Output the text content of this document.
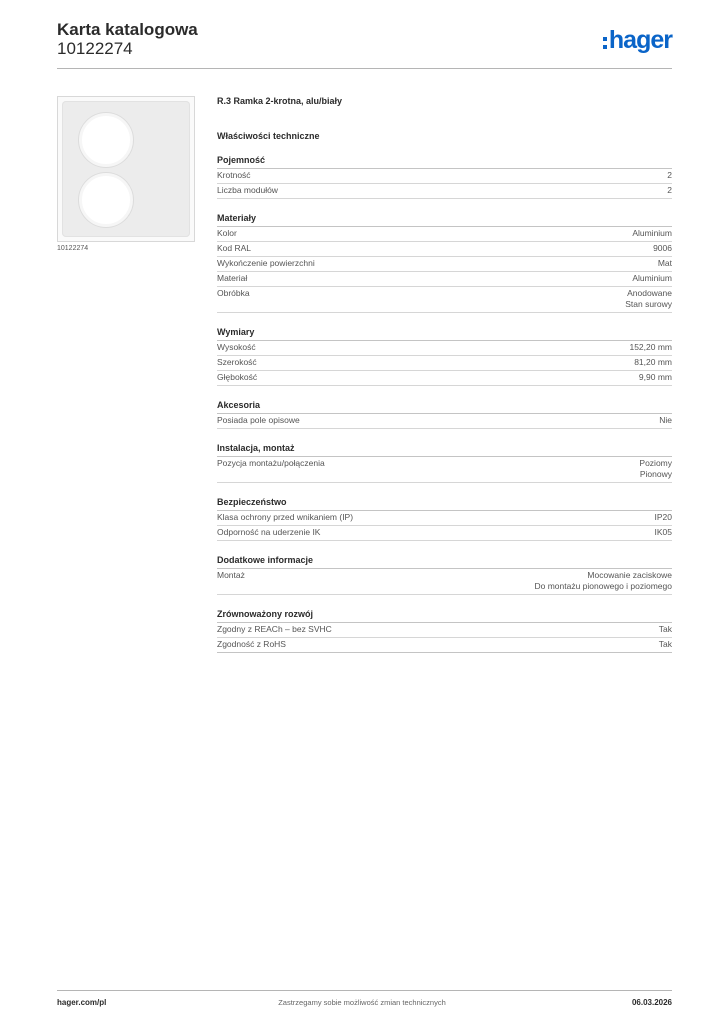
Karta katalogowa
10122274	hager
10122274
R.3 Ramka 2-krotna, alu/biały
Właściwości techniczne
Pojemność
Krotność	2
Liczba modułów	2
Materiały
Kolor	Aluminium
Kod RAL	9006
Wykończenie powierzchni	Mat
Materiał	Aluminium
Obróbka	Anodowane
Stan surowy
Wymiary
Wysokość	152,20 mm
Szerokość	81,20 mm
Głębokość	9,90 mm
Akcesoria
Posiada pole opisowe	Nie
Instalacja, montaż
Pozycja montażu/połączenia	Poziomy
Pionowy
Bezpieczeństwo
Klasa ochrony przed wnikaniem (IP)	IP20
Odporność na uderzenie IK	IK05
Dodatkowe informacje
Montaż	Mocowanie zaciskowe
Do montażu pionowego i poziomego
Zrównoważony rozwój
Zgodny z REACh – bez SVHC	Tak
Zgodność z RoHS	Tak
hager.com/pl	Zastrzegamy sobie możliwość zmian technicznych	06.03.2026
